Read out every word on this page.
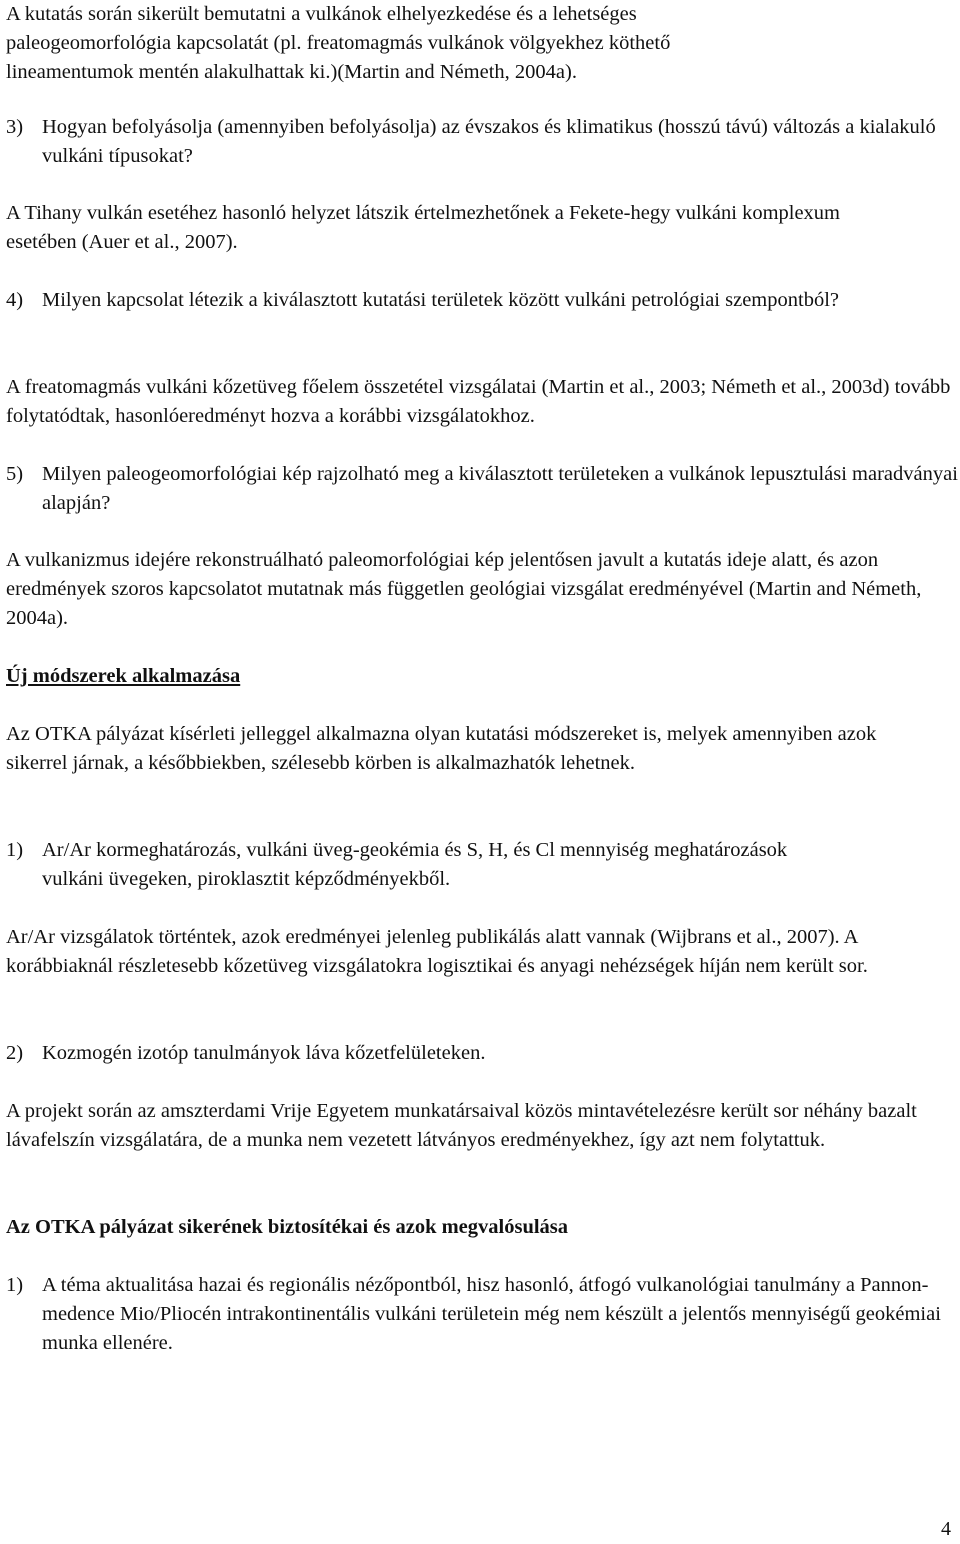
A kutatás során sikerült bemutatni a vulkánok elhelyezkedése és a lehetséges paleogeomorfológia kapcsolatát (pl. freatomagmás vulkánok völgyekhez köthető lineamentumok mentén alakulhattak ki.)(Martin and Németh, 2004a).

3) Hogyan befolyásolja (amennyiben befolyásolja) az évszakos és klimatikus (hosszú távú) változás a kialakuló vulkáni típusokat?

A Tihany vulkán esetéhez hasonló helyzet látszik értelmezhetőnek a Fekete-hegy vulkáni komplexum esetében (Auer et al., 2007).

4) Milyen kapcsolat létezik a kiválasztott kutatási területek között vulkáni petrológiai szempontból?

A freatomagmás vulkáni kőzetüveg főelem összetétel vizsgálatai (Martin et al., 2003; Németh et al., 2003d) tovább folytatódtak, hasonlóeredményt hozva a korábbi vizsgálatokhoz.

5) Milyen paleogeomorfológiai kép rajzolható meg a kiválasztott területeken a vulkánok lepusztulási maradványai alapján?

A vulkanizmus idejére rekonstruálható paleomorfológiai kép jelentősen javult a kutatás ideje alatt, és azon eredmények szoros kapcsolatot mutatnak más független geológiai vizsgálat eredményével (Martin and Németh, 2004a).

Új módszerek alkalmazása

Az OTKA pályázat kísérleti jelleggel alkalmazna olyan kutatási módszereket is, melyek amennyiben azok sikerrel járnak, a későbbiekben, szélesebb körben is alkalmazhatók lehetnek.

1) Ar/Ar kormeghatározás, vulkáni üveg-geokémia és S, H, és Cl mennyiség meghatározások vulkáni üvegeken, piroklasztit képződményekből.

Ar/Ar vizsgálatok történtek, azok eredményei jelenleg publikálás alatt vannak (Wijbrans et al., 2007). A korábbiaknál részletesebb kőzetüveg vizsgálatokra logisztikai és anyagi nehézségek híján nem került sor.

2) Kozmogén izotóp tanulmányok láva kőzetfelületeken.

A projekt során az amszterdami Vrije Egyetem munkatársaival közös mintavételezésre került sor néhány bazalt lávafelszín vizsgálatára, de a munka nem vezetett látványos eredményekhez, így azt nem folytattuk.

Az OTKA pályázat sikerének biztosítékai és azok megvalósulása
1) A téma aktualitása hazai és regionális nézőpontból, hisz hasonló, átfogó vulkanológiai tanulmány a Pannon-medence Mio/Pliocén intrakontinentális vulkáni területein még nem készült a jelentős mennyiségű geokémiai munka ellenére.
4
